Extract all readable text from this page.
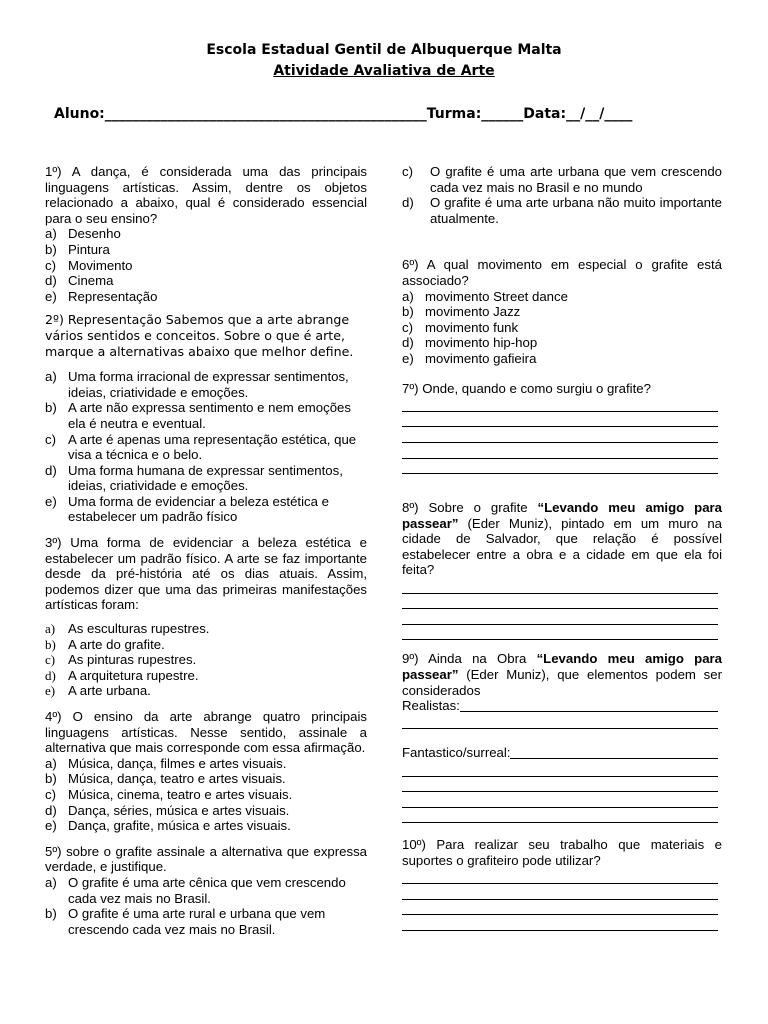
Escola Estadual Gentil de Albuquerque Malta
Atividade Avaliativa de Arte
Aluno:______________________________________________Turma:______Data:__/__/____

1º) A dança, é considerada uma das principais linguagens artísticas. Assim, dentre os objetos relacionado a abaixo, qual é considerado essencial para o seu ensino?

a) Desenho
b) Pintura
c) Movimento
d) Cinema
e) Representação

2º) Representação Sabemos que a arte abrange vários sentidos e conceitos. Sobre o que é arte, marque a alternativas abaixo que melhor define.

a) Uma forma irracional de expressar sentimentos, ideias, criatividade e emoções.
b) A arte não expressa sentimento e nem emoções ela é neutra e eventual.
c) A arte é apenas uma representação estética, que visa a técnica e o belo.
d) Uma forma humana de expressar sentimentos, ideias, criatividade e emoções.
e) Uma forma de evidenciar a beleza estética e estabelecer um padrão físico

3º) Uma forma de evidenciar a beleza estética e estabelecer um padrão físico. A arte se faz importante desde da pré-história até os dias atuais. Assim, podemos dizer que uma das primeiras manifestações artísticas foram:

a) As esculturas rupestres.
b) A arte do grafite.
c) As pinturas rupestres.
d) A arquitetura rupestre.
e) A arte urbana.

4º) O ensino da arte abrange quatro principais linguagens artísticas. Nesse sentido, assinale a alternativa que mais corresponde com essa afirmação.

a) Música, dança, filmes e artes visuais.
b) Música, dança, teatro e artes visuais.
c) Música, cinema, teatro e artes visuais.
d) Dança, séries, música e artes visuais.
e) Dança, grafite, música e artes visuais.

5º) sobre o grafite assinale a alternativa que expressa verdade, e justifique.

a) O grafite é uma arte cênica que vem crescendo cada vez mais no Brasil.
b) O grafite é uma arte rural e urbana que vem crescendo cada vez mais no Brasil.
c)	O grafite é uma arte urbana que vem crescendo cada vez mais no Brasil e no mundo
d)	O grafite é uma arte urbana não muito importante atualmente.

6º) A qual movimento em especial o grafite está associado?

a) movimento Street dance
b) movimento Jazz
c) movimento funk
d) movimento hip-hop
e) movimento gafieira

7º) Onde, quando e como surgiu o grafite?

8º) Sobre o grafite “Levando meu amigo para passear” (Eder Muniz), pintado em um muro na cidade de Salvador, que relação é possível estabelecer entre a obra e a cidade em que ela foi feita?

9º) Ainda na Obra “Levando meu amigo para passear” (Eder Muniz), que elementos podem ser considerados

Realistas:
Fantastico/surreal:

10º) Para realizar seu trabalho que materiais e suportes o grafiteiro pode utilizar?
